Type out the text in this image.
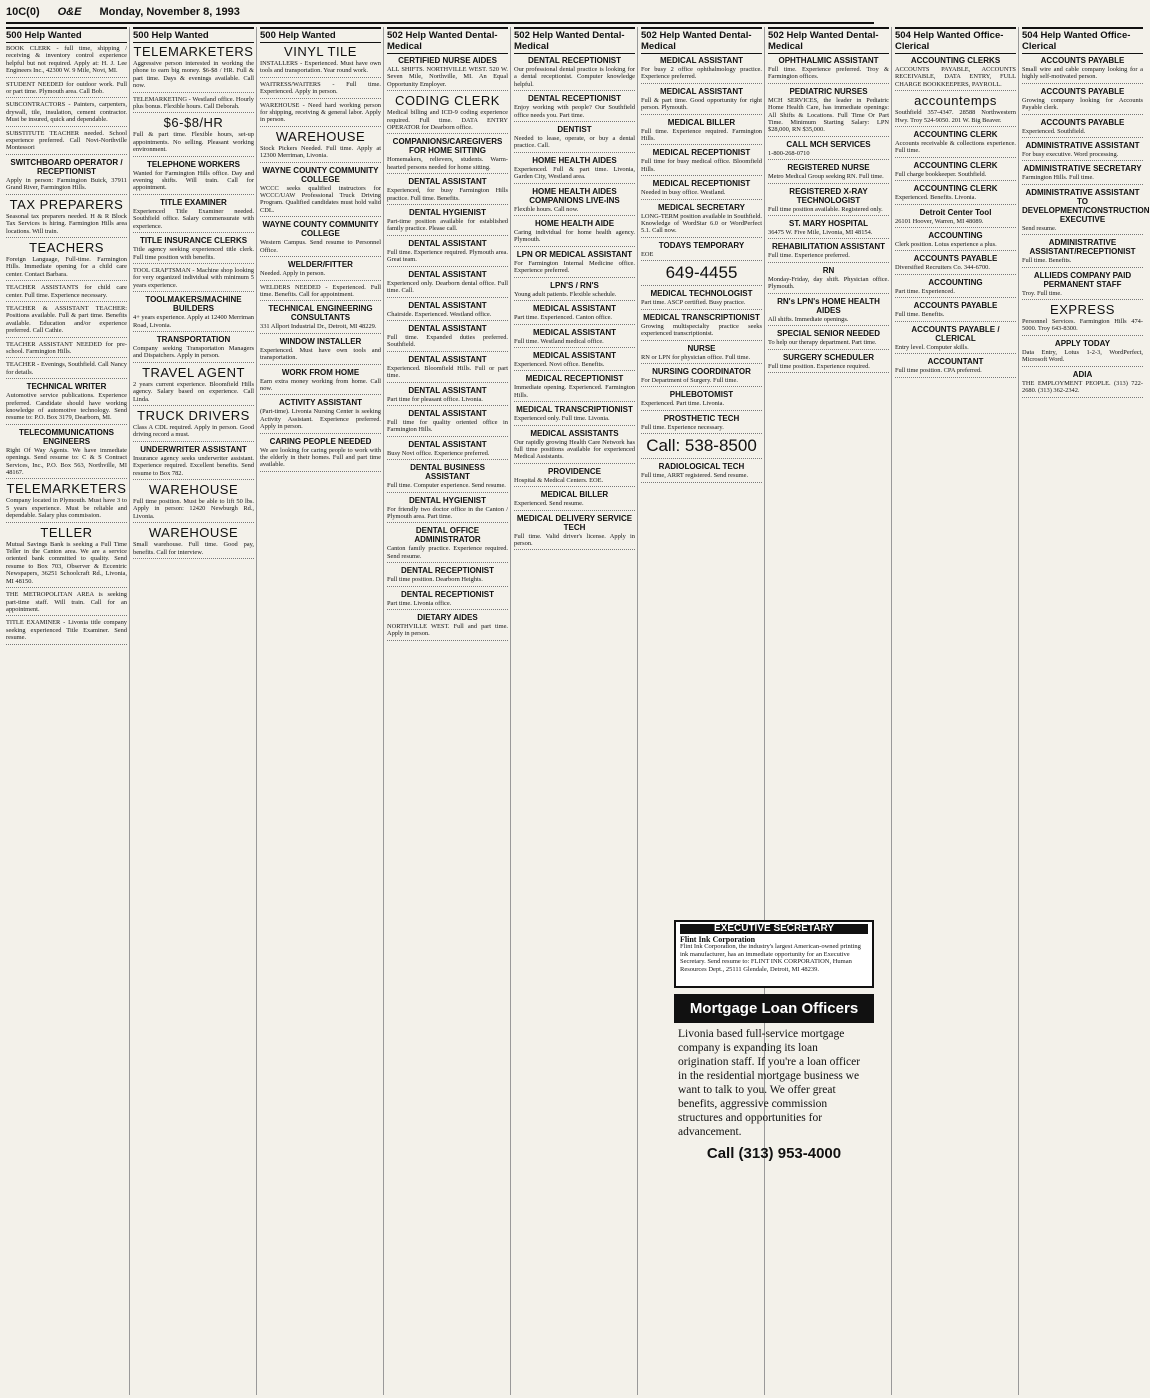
10C(0) O&E Monday, November 8, 1993
500 Help Wanted
BOOK CLERK - full time, shipping / receiving & inventory control experience helpful but not required. Apply at: H. J. Lee Engineers Inc., 42300 W. 9 Mile, Novi, MI.
STUDENT NEEDED for outdoor work. Full or part time. Plymouth area. Call Bob.
SUBCONTRACTORS - Painters, carpenters, drywall, tile, insulation, cement contractor. Must be insured, quick and dependable.
SUBSTITUTE TEACHER needed. School experience preferred. Call Novi-Northville Montessori
SWITCHBOARD OPERATOR / RECEPTIONIST
Apply in person: Farmington Buick, 37911 Grand River, Farmington Hills.
TAX PREPARERS
Seasonal tax preparers needed. H & R Block Tax Services is hiring. Farmington Hills area locations. Will train.
TEACHERS
Foreign Language, Full-time. Farmington Hills. Immediate opening for a child care center. Contact Barbara.
TEACHER ASSISTANTS for child care center. Full time. Experience necessary.
TEACHER & ASSISTANT TEACHER: Positions available. Full & part time. Benefits available. Education and/or experience preferred. Call Cathie.
TEACHER ASSISTANT NEEDED for pre-school. Farmington Hills.
TEACHER - Evenings, Southfield. Call Nancy for details.
TECHNICAL WRITER
Automotive service publications. Experience preferred. Candidate should have working knowledge of automotive technology. Send resume to: P.O. Box 3179, Dearborn, MI.
TELECOMMUNICATIONS ENGINEERS
Right Of Way Agents. We have immediate openings. Send resume to: C & S Contract Services, Inc., P.O. Box 563, Northville, MI 48167.
TELEMARKETERS
Company located in Plymouth. Must have 3 to 5 years experience. Must be reliable and dependable. Salary plus commission.
TELLER
Mutual Savings Bank is seeking a Full Time Teller in the Canton area. We are a service oriented bank committed to quality. Send resume to Box 703, Observer & Eccentric Newspapers, 36251 Schoolcraft Rd., Livonia, MI 48150.
THE METROPOLITAN AREA is seeking part-time staff. Will train. Call for an appointment.
TITLE EXAMINER - Livonia title company seeking experienced Title Examiner. Send resume.
500 Help Wanted
TELEMARKETERS
Aggressive person interested in working the phone to earn big money. $6-$8 / HR. Full & part time. Days & evenings available. Call now.
TELEMARKETING - Westland office. Hourly plus bonus. Flexible hours. Call Deborah.
$6-$8/HR
Full & part time. Flexible hours, set-up appointments. No selling. Pleasant working environment.
TELEPHONE WORKERS
Wanted for Farmington Hills office. Day and evening shifts. Will train. Call for appointment.
TITLE EXAMINER
Experienced Title Examiner needed. Southfield office. Salary commensurate with experience.
TITLE INSURANCE CLERKS
Title agency seeking experienced title clerk. Full time position with benefits.
TOOL CRAFTSMAN - Machine shop looking for very organized individual with minimum 5 years experience.
TOOLMAKERS/MACHINE BUILDERS
4+ years experience. Apply at 12400 Merriman Road, Livonia.
TRANSPORTATION
Company seeking Transportation Managers and Dispatchers. Apply in person.
TRAVEL AGENT
2 years current experience. Bloomfield Hills agency. Salary based on experience. Call Linda.
TRUCK DRIVERS
Class A CDL required. Apply in person. Good driving record a must.
UNDERWRITER ASSISTANT
Insurance agency seeks underwriter assistant. Experience required. Excellent benefits. Send resume to Box 782.
WAREHOUSE
Full time position. Must be able to lift 50 lbs. Apply in person: 12420 Newburgh Rd., Livonia.
WAREHOUSE
Small warehouse. Full time. Good pay, benefits. Call for interview.
500 Help Wanted
VINYL TILE
INSTALLERS - Experienced. Must have own tools and transportation. Year round work.
WAITRESS/WAITERS - Full time. Experienced. Apply in person.
WAREHOUSE - Need hard working person for shipping, receiving & general labor. Apply in person.
WAREHOUSE
Stock Pickers Needed. Full time. Apply at 12300 Merriman, Livonia.
WAYNE COUNTY COMMUNITY COLLEGE
WCCC seeks qualified instructors for WCCC/UAW Professional Truck Driving Program. Qualified candidates must hold valid CDL.
WAYNE COUNTY COMMUNITY COLLEGE
Western Campus. Send resume to Personnel Office.
WELDER/FITTER
Needed. Apply in person.
WELDERS NEEDED - Experienced. Full time. Benefits. Call for appointment.
TECHNICAL ENGINEERING CONSULTANTS
331 Allport Industrial Dr., Detroit, MI 48229.
WINDOW INSTALLER
Experienced. Must have own tools and transportation.
WORK FROM HOME
Earn extra money working from home. Call now.
ACTIVITY ASSISTANT
(Part-time). Livonia Nursing Center is seeking Activity Assistant. Experience preferred. Apply in person.
CARING PEOPLE NEEDED
We are looking for caring people to work with the elderly in their homes. Full and part time available.
502 Help Wanted Dental-Medical
CERTIFIED NURSE AIDES
ALL SHIFTS. NORTHVILLE WEST. 520 W. Seven Mile, Northville, MI. An Equal Opportunity Employer.
CODING CLERK
Medical billing and ICD-9 coding experience required. Full time. DATA ENTRY OPERATOR for Dearborn office.
COMPANIONS/CAREGIVERS FOR HOME SITTING
Homemakers, relievers, students. Warm-hearted persons needed for home sitting.
DENTAL ASSISTANT
Experienced, for busy Farmington Hills practice. Full time. Benefits.
DENTAL HYGIENIST
Part-time position available for established family practice. Please call.
DENTAL ASSISTANT
Full time. Experience required. Plymouth area. Great team.
DENTAL ASSISTANT
Experienced only. Dearborn dental office. Full time. Call.
DENTAL ASSISTANT
Chairside. Experienced. Westland office.
DENTAL ASSISTANT
Full time. Expanded duties preferred. Southfield.
DENTAL ASSISTANT
Experienced. Bloomfield Hills. Full or part time.
DENTAL ASSISTANT
Part time for pleasant office. Livonia.
DENTAL ASSISTANT
Full time for quality oriented office in Farmington Hills.
DENTAL ASSISTANT
Busy Novi office. Experience preferred.
DENTAL BUSINESS ASSISTANT
Full time. Computer experience. Send resume.
DENTAL HYGIENIST
For friendly two doctor office in the Canton / Plymouth area. Part time.
DENTAL OFFICE ADMINISTRATOR
Canton family practice. Experience required. Send resume.
DENTAL RECEPTIONIST
Full time position. Dearborn Heights.
DENTAL RECEPTIONIST
Part time. Livonia office.
DIETARY AIDES
NORTHVILLE WEST. Full and part time. Apply in person.
502 Help Wanted Dental-Medical
DENTAL RECEPTIONIST
Our professional dental practice is looking for a dental receptionist. Computer knowledge helpful.
DENTAL RECEPTIONIST
Enjoy working with people? Our Southfield office needs you. Part time.
DENTIST
Needed to lease, operate, or buy a dental practice. Call.
HOME HEALTH AIDES
Experienced. Full & part time. Livonia, Garden City, Westland area.
HOME HEALTH AIDES COMPANIONS LIVE-INS
Flexible hours. Call now.
HOME HEALTH AIDE
Caring individual for home health agency. Plymouth.
LPN OR MEDICAL ASSISTANT
For Farmington Internal Medicine office. Experience preferred.
LPN'S / RN'S
Young adult patients. Flexible schedule.
MEDICAL ASSISTANT
Part time. Experienced. Canton office.
MEDICAL ASSISTANT
Full time. Westland medical office.
MEDICAL ASSISTANT
Experienced. Novi office. Benefits.
MEDICAL RECEPTIONIST
Immediate opening. Experienced. Farmington Hills.
MEDICAL TRANSCRIPTIONIST
Experienced only. Full time. Livonia.
MEDICAL ASSISTANTS
Our rapidly growing Health Care Network has full time positions available for experienced Medical Assistants.
PROVIDENCE
Hospital & Medical Centers. EOE.
MEDICAL BILLER
Experienced. Send resume.
MEDICAL DELIVERY SERVICE TECH
Full time. Valid driver's license. Apply in person.
502 Help Wanted Dental-Medical
MEDICAL ASSISTANT
For busy 2 office ophthalmology practice. Experience preferred.
MEDICAL ASSISTANT
Full & part time. Good opportunity for right person. Plymouth.
MEDICAL BILLER
Full time. Experience required. Farmington Hills.
MEDICAL RECEPTIONIST
Full time for busy medical office. Bloomfield Hills.
MEDICAL RECEPTIONIST
Needed in busy office. Westland.
MEDICAL SECRETARY
LONG-TERM position available in Southfield. Knowledge of WordStar 6.0 or WordPerfect 5.1. Call now.
TODAYS TEMPORARY
EOE
649-4455
MEDICAL TECHNOLOGIST
Part time. ASCP certified. Busy practice.
MEDICAL TRANSCRIPTIONIST
Growing multispecialty practice seeks experienced transcriptionist.
NURSE
RN or LPN for physician office. Full time.
NURSING COORDINATOR
For Department of Surgery. Full time.
PHLEBOTOMIST
Experienced. Part time. Livonia.
PROSTHETIC TECH
Full time. Experience necessary.
Call: 538-8500
RADIOLOGICAL TECH
Full time, ARRT registered. Send resume.
502 Help Wanted Dental-Medical
OPHTHALMIC ASSISTANT
Full time. Experience preferred. Troy & Farmington offices.
PEDIATRIC NURSES
MCH SERVICES, the leader in Pediatric Home Health Care, has immediate openings: All Shifts & Locations. Full Time Or Part Time. Minimum Starting Salary: LPN $28,000, RN $35,000.
CALL MCH SERVICES
1-800-268-0710
REGISTERED NURSE
Metro Medical Group seeking RN. Full time.
REGISTERED X-RAY TECHNOLOGIST
Full time position available. Registered only.
ST. MARY HOSPITAL
36475 W. Five Mile, Livonia, MI 48154.
REHABILITATION ASSISTANT
Full time. Experience preferred.
RN
Monday-Friday, day shift. Physician office. Plymouth.
RN's LPN's HOME HEALTH AIDES
All shifts. Immediate openings.
SPECIAL SENIOR NEEDED
To help our therapy department. Part time.
SURGERY SCHEDULER
Full time position. Experience required.
504 Help Wanted Office-Clerical
ACCOUNTING CLERKS
ACCOUNTS PAYABLE, ACCOUNTS RECEIVABLE, DATA ENTRY, FULL CHARGE BOOKKEEPERS, PAYROLL.
accountemps
Southfield 357-4347. 28588 Northwestern Hwy. Troy 524-9050. 201 W. Big Beaver.
ACCOUNTING CLERK
Accounts receivable & collections experience. Full time.
ACCOUNTING CLERK
Full charge bookkeeper. Southfield.
ACCOUNTING CLERK
Experienced. Benefits. Livonia.
Detroit Center Tool
26101 Hoover, Warren, MI 48089.
ACCOUNTING
Clerk position. Lotus experience a plus.
ACCOUNTS PAYABLE
Diversified Recruiters Co. 344-6700.
ACCOUNTING
Part time. Experienced.
ACCOUNTS PAYABLE
Full time. Benefits.
ACCOUNTS PAYABLE / CLERICAL
Entry level. Computer skills.
ACCOUNTANT
Full time position. CPA preferred.
504 Help Wanted Office-Clerical
ACCOUNTS PAYABLE
Small wire and cable company looking for a highly self-motivated person.
ACCOUNTS PAYABLE
Growing company looking for Accounts Payable clerk.
ACCOUNTS PAYABLE
Experienced. Southfield.
ADMINISTRATIVE ASSISTANT
For busy executive. Word processing.
ADMINISTRATIVE SECRETARY
Farmington Hills. Full time.
ADMINISTRATIVE ASSISTANT TO DEVELOPMENT/CONSTRUCTION EXECUTIVE
Send resume.
ADMINISTRATIVE ASSISTANT/RECEPTIONIST
Full time. Benefits.
ALLIEDS COMPANY PAID PERMANENT STAFF
Troy. Full time.
EXPRESS
Personnel Services. Farmington Hills 474-5000. Troy 643-8300.
APPLY TODAY
Data Entry, Lotus 1-2-3, WordPerfect, Microsoft Word.
ADIA
THE EMPLOYMENT PEOPLE. (313) 722-2680. (313) 362-2342.
EXECUTIVE SECRETARY
Flint Ink Corporation
Flint Ink Corporation, the industry's largest American-owned printing ink manufacturer, has an immediate opportunity for an Executive Secretary. Send resume to: FLINT INK CORPORATION, Human Resources Dept., 25111 Glendale, Detroit, MI 48239.
Mortgage Loan Officers
Livonia based full-service mortgage company is expanding its loan origination staff. If you're a loan officer in the residential mortgage business we want to talk to you. We offer great benefits, aggressive commission structures and opportunities for advancement.
Call (313) 953-4000
